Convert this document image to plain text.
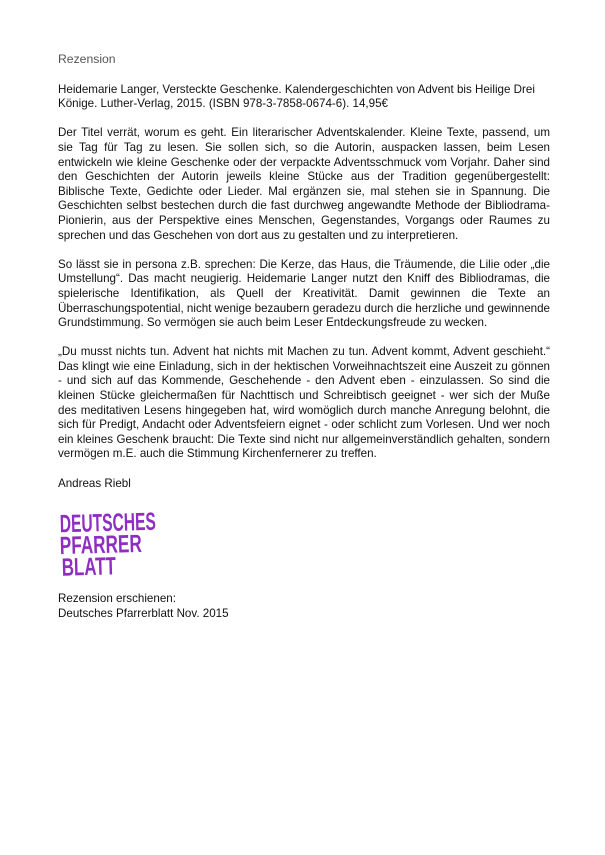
Rezension
Heidemarie Langer, Versteckte Geschenke. Kalendergeschichten von Advent bis Heilige Drei Könige. Luther-Verlag, 2015. (ISBN 978-3-7858-0674-6). 14,95€
Der Titel verrät, worum es geht. Ein literarischer Adventskalender. Kleine Texte, passend, um sie Tag für Tag zu lesen. Sie sollen sich, so die Autorin, auspacken lassen, beim Lesen entwickeln wie kleine Geschenke oder der verpackte Adventsschmuck vom Vorjahr. Daher sind den Geschichten der Autorin jeweils kleine Stücke aus der Tradition gegenübergestellt: Biblische Texte, Gedichte oder Lieder. Mal ergänzen sie, mal stehen sie in Spannung. Die Geschichten selbst bestechen durch die fast durchweg angewandte Methode der Bibliodrama-Pionierin, aus der Perspektive eines Menschen, Gegenstandes, Vorgangs oder Raumes zu sprechen und das Geschehen von dort aus zu gestalten und zu interpretieren.
So lässt sie in persona z.B. sprechen: Die Kerze, das Haus, die Träumende, die Lilie oder „die Umstellung“. Das macht neugierig. Heidemarie Langer nutzt den Kniff des Bibliodramas, die spielerische Identifikation, als Quell der Kreativität. Damit gewinnen die Texte an Überraschungspotential, nicht wenige bezaubern geradezu durch die herzliche und gewinnende Grundstimmung. So vermögen sie auch beim Leser Entdeckungsfreude zu wecken.
„Du musst nichts tun. Advent hat nichts mit Machen zu tun. Advent kommt, Advent geschieht.“ Das klingt wie eine Einladung, sich in der hektischen Vorweihnachtszeit eine Auszeit zu gönnen - und sich auf das Kommende, Geschehende - den Advent eben - einzulassen. So sind die kleinen Stücke gleichermaßen für Nachttisch und Schreibtisch geeignet - wer sich der Muße des meditativen Lesens hingegeben hat, wird womöglich durch manche Anregung belohnt, die sich für Predigt, Andacht oder Adventsfeiern eignet - oder schlicht zum Vorlesen. Und wer noch ein kleines Geschenk braucht: Die Texte sind nicht nur allgemeinverständlich gehalten, sondern vermögen m.E. auch die Stimmung Kirchenfernerer zu treffen.
Andreas Riebl
DEUTSCHES
PFARRER
BLATT
Rezension erschienen:
Deutsches Pfarrerblatt Nov. 2015
